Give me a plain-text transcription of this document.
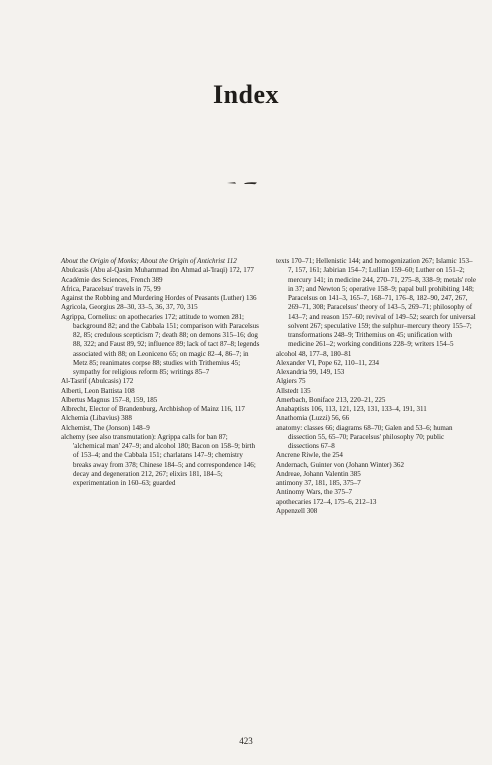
Index

About the Origin of Monks; About the Origin of Antichrist 112

Abulcasis (Abu al-Qasim Muhammad ibn Ahmad al-'Iraqi) 172, 177

Académie des Sciences, French 389

Africa, Paracelsus' travels in 75, 99

Against the Robbing and Murdering Hordes of Peasants (Luther) 136

Agricola, Georgius 28–30, 33–5, 36, 37, 70, 315

Agrippa, Cornelius: on apothecaries 172; attitude to women 281; background 82; and the Cabbala 151; comparison with Paracelsus 82, 85; credulous scepticism 7; death 88; on demons 315–16; dog 88, 322; and Faust 89, 92; influence 89; lack of tact 87–8; legends associated with 88; on Leoniceno 65; on magic 82–4, 86–7; in Metz 85; reanimates corpse 88; studies with Trithemius 45; sympathy for religious reform 85; writings 85–7

Al-Tasrif (Abulcasis) 172

Alberti, Leon Battista 108

Albertus Magnus 157–8, 159, 185

Albrecht, Elector of Brandenburg, Archbishop of Mainz 116, 117

Alchemia (Libavius) 388

Alchemist, The (Jonson) 148–9

alchemy (see also transmutation): Agrippa calls for ban 87; 'alchemical man' 247–9; and alcohol 180; Bacon on 158–9; birth of 153–4; and the Cabbala 151; charlatans 147–9; chemistry breaks away from 378; Chinese 184–5; and correspondence 146; decay and degeneration 212, 267; elixirs 181, 184–5; experimentation in 160–63; guarded

texts 170–71; Hellenistic 144; and homogenization 267; Islamic 153–7, 157, 161; Jabirian 154–7; Lullian 159–60; Luther on 151–2; mercury 141; in medicine 244, 270–71, 275–8, 338–9; metals' role in 37; and Newton 5; operative 158–9; papal bull prohibiting 148; Paracelsus on 141–3, 165–7, 168–71, 176–8, 182–90, 247, 267, 269–71, 308; Paracelsus' theory of 143–5, 269–71; philosophy of 143–7; and reason 157–60; revival of 149–52; search for universal solvent 267; speculative 159; the sulphur–mercury theory 155–7; transformations 248–9; Trithemius on 45; unification with medicine 261–2; working conditions 228–9; writers 154–5

alcohol 48, 177–8, 180–81

Alexander VI, Pope 62, 110–11, 234

Alexandria 99, 149, 153

Algiers 75

Allstedt 135

Amerbach, Boniface 213, 220–21, 225

Anabaptists 106, 113, 121, 123, 131, 133–4, 191, 311

Anathomia (Luzzi) 56, 66

anatomy: classes 66; diagrams 68–70; Galen and 53–6; human dissection 55, 65–70; Paracelsus' philosophy 70; public dissections 67–8

Ancrene Riwle, the 254

Andernach, Guinter von (Johann Winter) 362

Andreae, Johann Valentin 385

antimony 37, 181, 185, 375–7

Antinomy Wars, the 375–7

apothecaries 172–4, 175–6, 212–13

Appenzell 308

423
